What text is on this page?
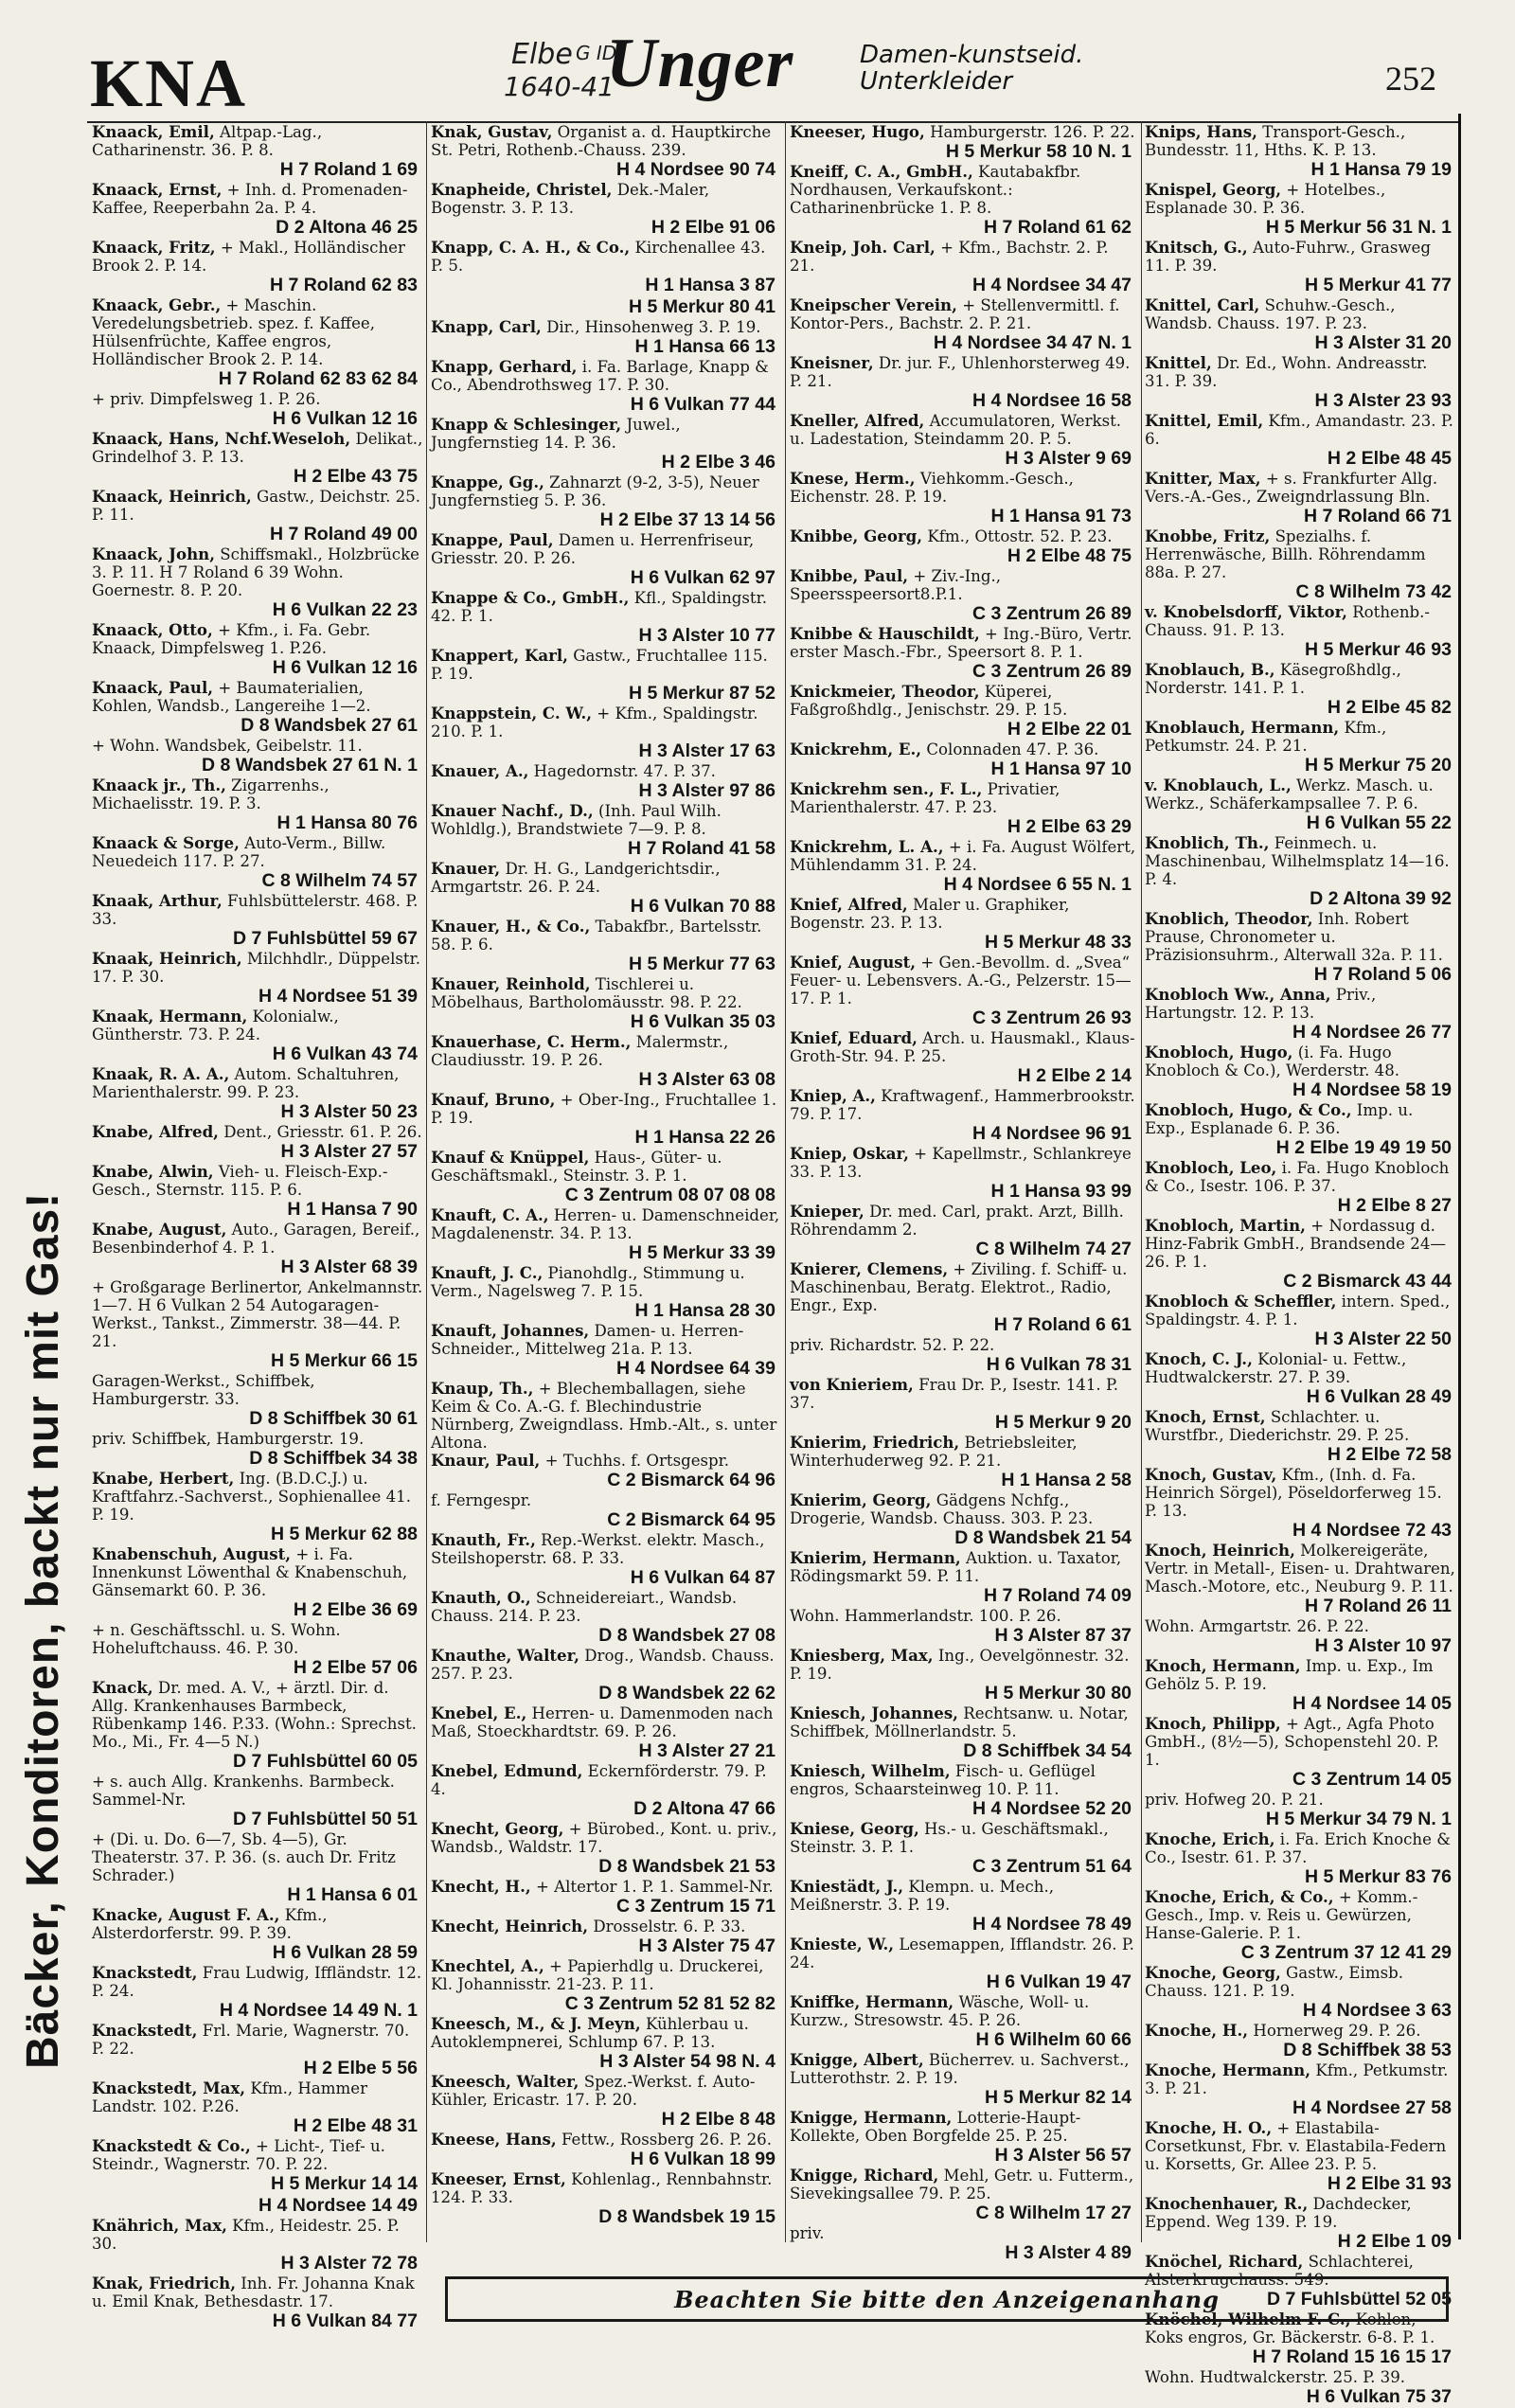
KNA	Elbe
1640-41
G ID
Unger	Damen-kunstseid.
Unterkleider	252
Bäcker, Konditoren, backt nur mit Gas!
Knaack, Emil, Altpap.-Lag., Catharinenstr. 36. P. 8.
H 7 Roland 1 69
Knaack, Ernst, + Inh. d. Promenaden-Kaffee, Reeperbahn 2a. P. 4.
D 2 Altona 46 25
Knaack, Fritz, + Makl., Holländischer Brook 2. P. 14.
H 7 Roland 62 83
Knaack, Gebr., + Maschin. Veredelungsbetrieb. spez. f. Kaffee, Hülsenfrüchte, Kaffee engros, Holländischer Brook 2. P. 14.
H 7 Roland 62 83 62 84
+ priv. Dimpfelsweg 1. P. 26.
H 6 Vulkan 12 16
Knaack, Hans, Nchf.Weseloh, Delikat., Grindelhof 3. P. 13.
H 2 Elbe 43 75
Knaack, Heinrich, Gastw., Deichstr. 25. P. 11.
H 7 Roland 49 00
Knaack, John, Schiffsmakl., Holzbrücke 3. P. 11. H 7 Roland 6 39 Wohn. Goernestr. 8. P. 20.
H 6 Vulkan 22 23
Knaack, Otto, + Kfm., i. Fa. Gebr. Knaack, Dimpfelsweg 1. P.26.
H 6 Vulkan 12 16
Knaack, Paul, + Baumaterialien, Kohlen, Wandsb., Langereihe 1—2.
D 8 Wandsbek 27 61
+ Wohn. Wandsbek, Geibelstr. 11.
D 8 Wandsbek 27 61 N. 1
Knaack jr., Th., Zigarrenhs., Michaelisstr. 19. P. 3.
H 1 Hansa 80 76
Knaack & Sorge, Auto-Verm., Billw. Neuedeich 117. P. 27.
C 8 Wilhelm 74 57
Knaak, Arthur, Fuhlsbüttelerstr. 468. P. 33.
D 7 Fuhlsbüttel 59 67
Knaak, Heinrich, Milchhdlr., Düppelstr. 17. P. 30.
H 4 Nordsee 51 39
Knaak, Hermann, Kolonialw., Güntherstr. 73. P. 24.
H 6 Vulkan 43 74
Knaak, R. A. A., Autom. Schaltuhren, Marienthalerstr. 99. P. 23.
H 3 Alster 50 23
Knabe, Alfred, Dent., Griesstr. 61. P. 26.
H 3 Alster 27 57
Knabe, Alwin, Vieh- u. Fleisch-Exp.-Gesch., Sternstr. 115. P. 6.
H 1 Hansa 7 90
Knabe, August, Auto., Garagen, Bereif., Besenbinderhof 4. P. 1.
H 3 Alster 68 39
+ Großgarage Berlinertor, Ankelmannstr. 1—7. H 6 Vulkan 2 54 Autogaragen-Werkst., Tankst., Zimmerstr. 38—44. P. 21.
H 5 Merkur 66 15
Garagen-Werkst., Schiffbek, Hamburgerstr. 33.
D 8 Schiffbek 30 61
priv. Schiffbek, Hamburgerstr. 19.
D 8 Schiffbek 34 38
Knabe, Herbert, Ing. (B.D.C.J.) u. Kraftfahrz.-Sachverst., Sophienallee 41. P. 19.
H 5 Merkur 62 88
Knabenschuh, August, + i. Fa. Innenkunst Löwenthal & Knabenschuh, Gänsemarkt 60. P. 36.
H 2 Elbe 36 69
+ n. Geschäftsschl. u. S. Wohn. Hoheluftchauss. 46. P. 30.
H 2 Elbe 57 06
Knack, Dr. med. A. V., + ärztl. Dir. d. Allg. Krankenhauses Barmbeck, Rübenkamp 146. P.33. (Wohn.: Sprechst. Mo., Mi., Fr. 4—5 N.)
D 7 Fuhlsbüttel 60 05
+ s. auch Allg. Krankenhs. Barmbeck. Sammel-Nr.
D 7 Fuhlsbüttel 50 51
+ (Di. u. Do. 6—7, Sb. 4—5), Gr. Theaterstr. 37. P. 36. (s. auch Dr. Fritz Schrader.)
H 1 Hansa 6 01
Knacke, August F. A., Kfm., Alsterdorferstr. 99. P. 39.
H 6 Vulkan 28 59
Knackstedt, Frau Ludwig, Iffländstr. 12. P. 24.
H 4 Nordsee 14 49 N. 1
Knackstedt, Frl. Marie, Wagnerstr. 70. P. 22.
H 2 Elbe 5 56
Knackstedt, Max, Kfm., Hammer Landstr. 102. P.26.
H 2 Elbe 48 31
Knackstedt & Co., + Licht-, Tief- u. Steindr., Wagnerstr. 70. P. 22.
H 5 Merkur 14 14
H 4 Nordsee 14 49
Knährich, Max, Kfm., Heidestr. 25. P. 30.
H 3 Alster 72 78
Knak, Friedrich, Inh. Fr. Johanna Knak u. Emil Knak, Bethesdastr. 17.
H 6 Vulkan 84 77
Knak, Gustav, Organist a. d. Hauptkirche St. Petri, Rothenb.-Chauss. 239.
H 4 Nordsee 90 74
Knapheide, Christel, Dek.-Maler, Bogenstr. 3. P. 13.
H 2 Elbe 91 06
Knapp, C. A. H., & Co., Kirchenallee 43. P. 5.
H 1 Hansa 3 87
H 5 Merkur 80 41
Knapp, Carl, Dir., Hinsohenweg 3. P. 19.
H 1 Hansa 66 13
Knapp, Gerhard, i. Fa. Barlage, Knapp & Co., Abendrothsweg 17. P. 30.
H 6 Vulkan 77 44
Knapp & Schlesinger, Juwel., Jungfernstieg 14. P. 36.
H 2 Elbe 3 46
Knappe, Gg., Zahnarzt (9-2, 3-5), Neuer Jungfernstieg 5. P. 36.
H 2 Elbe 37 13 14 56
Knappe, Paul, Damen u. Herrenfriseur, Griesstr. 20. P. 26.
H 6 Vulkan 62 97
Knappe & Co., GmbH., Kfl., Spaldingstr. 42. P. 1.
H 3 Alster 10 77
Knappert, Karl, Gastw., Fruchtallee 115. P. 19.
H 5 Merkur 87 52
Knappstein, C. W., + Kfm., Spaldingstr. 210. P. 1.
H 3 Alster 17 63
Knauer, A., Hagedornstr. 47. P. 37.
H 3 Alster 97 86
Knauer Nachf., D., (Inh. Paul Wilh. Wohldlg.), Brandstwiete 7—9. P. 8.
H 7 Roland 41 58
Knauer, Dr. H. G., Landgerichtsdir., Armgartstr. 26. P. 24.
H 6 Vulkan 70 88
Knauer, H., & Co., Tabakfbr., Bartelsstr. 58. P. 6.
H 5 Merkur 77 63
Knauer, Reinhold, Tischlerei u. Möbelhaus, Bartholomäusstr. 98. P. 22.
H 6 Vulkan 35 03
Knauerhase, C. Herm., Malermstr., Claudiusstr. 19. P. 26.
H 3 Alster 63 08
Knauf, Bruno, + Ober-Ing., Fruchtallee 1. P. 19.
H 1 Hansa 22 26
Knauf & Knüppel, Haus-, Güter- u. Geschäftsmakl., Steinstr. 3. P. 1.
C 3 Zentrum 08 07 08 08
Knauft, C. A., Herren- u. Damenschneider, Magdalenenstr. 34. P. 13.
H 5 Merkur 33 39
Knauft, J. C., Pianohdlg., Stimmung u. Verm., Nagelsweg 7. P. 15.
H 1 Hansa 28 30
Knauft, Johannes, Damen- u. Herren-Schneider., Mittelweg 21a. P. 13.
H 4 Nordsee 64 39
Knaup, Th., + Blechemballagen, siehe Keim & Co. A.-G. f. Blechindustrie Nürnberg, Zweigndlass. Hmb.-Alt., s. unter Altona.
Knaur, Paul, + Tuchhs. f. Ortsgespr.
C 2 Bismarck 64 96
f. Ferngespr.
C 2 Bismarck 64 95
Knauth, Fr., Rep.-Werkst. elektr. Masch., Steilshoperstr. 68. P. 33.
H 6 Vulkan 64 87
Knauth, O., Schneidereiart., Wandsb. Chauss. 214. P. 23.
D 8 Wandsbek 27 08
Knauthe, Walter, Drog., Wandsb. Chauss. 257. P. 23.
D 8 Wandsbek 22 62
Knebel, E., Herren- u. Damenmoden nach Maß, Stoeckhardtstr. 69. P. 26.
H 3 Alster 27 21
Knebel, Edmund, Eckernförderstr. 79. P. 4.
D 2 Altona 47 66
Knecht, Georg, + Bürobed., Kont. u. priv., Wandsb., Waldstr. 17.
D 8 Wandsbek 21 53
Knecht, H., + Altertor 1. P. 1. Sammel-Nr.
C 3 Zentrum 15 71
Knecht, Heinrich, Drosselstr. 6. P. 33.
H 3 Alster 75 47
Knechtel, A., + Papierhdlg u. Druckerei, Kl. Johannisstr. 21-23. P. 11.
C 3 Zentrum 52 81 52 82
Kneesch, M., & J. Meyn, Kühlerbau u. Autoklempnerei, Schlump 67. P. 13.
H 3 Alster 54 98 N. 4
Kneesch, Walter, Spez.-Werkst. f. Auto-Kühler, Ericastr. 17. P. 20.
H 2 Elbe 8 48
Kneese, Hans, Fettw., Rossberg 26. P. 26.
H 6 Vulkan 18 99
Kneeser, Ernst, Kohlenlag., Rennbahnstr. 124. P. 33.
D 8 Wandsbek 19 15
Kneeser, Hugo, Hamburgerstr. 126. P. 22.
H 5 Merkur 58 10 N. 1
Kneiff, C. A., GmbH., Kautabakfbr. Nordhausen, Verkaufskont.: Catharinenbrücke 1. P. 8.
H 7 Roland 61 62
Kneip, Joh. Carl, + Kfm., Bachstr. 2. P. 21.
H 4 Nordsee 34 47
Kneipscher Verein, + Stellenvermittl. f. Kontor-Pers., Bachstr. 2. P. 21.
H 4 Nordsee 34 47 N. 1
Kneisner, Dr. jur. F., Uhlenhorsterweg 49. P. 21.
H 4 Nordsee 16 58
Kneller, Alfred, Accumulatoren, Werkst. u. Ladestation, Steindamm 20. P. 5.
H 3 Alster 9 69
Knese, Herm., Viehkomm.-Gesch., Eichenstr. 28. P. 19.
H 1 Hansa 91 73
Knibbe, Georg, Kfm., Ottostr. 52. P. 23.
H 2 Elbe 48 75
Knibbe, Paul, + Ziv.-Ing., Speersspeersort8.P.1.
C 3 Zentrum 26 89
Knibbe & Hauschildt, + Ing.-Büro, Vertr. erster Masch.-Fbr., Speersort 8. P. 1.
C 3 Zentrum 26 89
Knickmeier, Theodor, Küperei, Faßgroßhdlg., Jenischstr. 29. P. 15.
H 2 Elbe 22 01
Knickrehm, E., Colonnaden 47. P. 36.
H 1 Hansa 97 10
Knickrehm sen., F. L., Privatier, Marienthalerstr. 47. P. 23.
H 2 Elbe 63 29
Knickrehm, L. A., + i. Fa. August Wölfert, Mühlendamm 31. P. 24.
H 4 Nordsee 6 55 N. 1
Knief, Alfred, Maler u. Graphiker, Bogenstr. 23. P. 13.
H 5 Merkur 48 33
Knief, August, + Gen.-Bevollm. d. „Svea“ Feuer- u. Lebensvers. A.-G., Pelzerstr. 15—17. P. 1.
C 3 Zentrum 26 93
Knief, Eduard, Arch. u. Hausmakl., Klaus-Groth-Str. 94. P. 25.
H 2 Elbe 2 14
Kniep, A., Kraftwagenf., Hammerbrookstr. 79. P. 17.
H 4 Nordsee 96 91
Kniep, Oskar, + Kapellmstr., Schlankreye 33. P. 13.
H 1 Hansa 93 99
Knieper, Dr. med. Carl, prakt. Arzt, Billh. Röhrendamm 2.
C 8 Wilhelm 74 27
Knierer, Clemens, + Ziviling. f. Schiff- u. Maschinenbau, Beratg. Elektrot., Radio, Engr., Exp.
H 7 Roland 6 61
priv. Richardstr. 52. P. 22.
H 6 Vulkan 78 31
von Knieriem, Frau Dr. P., Isestr. 141. P. 37.
H 5 Merkur 9 20
Knierim, Friedrich, Betriebsleiter, Winterhuderweg 92. P. 21.
H 1 Hansa 2 58
Knierim, Georg, Gädgens Nchfg., Drogerie, Wandsb. Chauss. 303. P. 23.
D 8 Wandsbek 21 54
Knierim, Hermann, Auktion. u. Taxator, Rödingsmarkt 59. P. 11.
H 7 Roland 74 09
Wohn. Hammerlandstr. 100. P. 26.
H 3 Alster 87 37
Kniesberg, Max, Ing., Oevelgönnestr. 32. P. 19.
H 5 Merkur 30 80
Kniesch, Johannes, Rechtsanw. u. Notar, Schiffbek, Möllnerlandstr. 5.
D 8 Schiffbek 34 54
Kniesch, Wilhelm, Fisch- u. Geflügel engros, Schaarsteinweg 10. P. 11.
H 4 Nordsee 52 20
Kniese, Georg, Hs.- u. Geschäftsmakl., Steinstr. 3. P. 1.
C 3 Zentrum 51 64
Kniestädt, J., Klempn. u. Mech., Meißnerstr. 3. P. 19.
H 4 Nordsee 78 49
Knieste, W., Lesemappen, Ifflandstr. 26. P. 24.
H 6 Vulkan 19 47
Kniffke, Hermann, Wäsche, Woll- u. Kurzw., Stresowstr. 45. P. 26.
H 6 Wilhelm 60 66
Knigge, Albert, Bücherrev. u. Sachverst., Lutterothstr. 2. P. 19.
H 5 Merkur 82 14
Knigge, Hermann, Lotterie-Haupt-Kollekte, Oben Borgfelde 25. P. 25.
H 3 Alster 56 57
Knigge, Richard, Mehl, Getr. u. Futterm., Sievekingsallee 79. P. 25.
C 8 Wilhelm 17 27
priv.
H 3 Alster 4 89
Knips, Hans, Transport-Gesch., Bundesstr. 11, Hths. K. P. 13.
H 1 Hansa 79 19
Knispel, Georg, + Hotelbes., Esplanade 30. P. 36.
H 5 Merkur 56 31 N. 1
Knitsch, G., Auto-Fuhrw., Grasweg 11. P. 39.
H 5 Merkur 41 77
Knittel, Carl, Schuhw.-Gesch., Wandsb. Chauss. 197. P. 23.
H 3 Alster 31 20
Knittel, Dr. Ed., Wohn. Andreasstr. 31. P. 39.
H 3 Alster 23 93
Knittel, Emil, Kfm., Amandastr. 23. P. 6.
H 2 Elbe 48 45
Knitter, Max, + s. Frankfurter Allg. Vers.-A.-Ges., Zweigndrlassung Bln.
H 7 Roland 66 71
Knobbe, Fritz, Spezialhs. f. Herrenwäsche, Billh. Röhrendamm 88a. P. 27.
C 8 Wilhelm 73 42
v. Knobelsdorff, Viktor, Rothenb.-Chauss. 91. P. 13.
H 5 Merkur 46 93
Knoblauch, B., Käsegroßhdlg., Norderstr. 141. P. 1.
H 2 Elbe 45 82
Knoblauch, Hermann, Kfm., Petkumstr. 24. P. 21.
H 5 Merkur 75 20
v. Knoblauch, L., Werkz. Masch. u. Werkz., Schäferkampsallee 7. P. 6.
H 6 Vulkan 55 22
Knoblich, Th., Feinmech. u. Maschinenbau, Wilhelmsplatz 14—16. P. 4.
D 2 Altona 39 92
Knoblich, Theodor, Inh. Robert Prause, Chronometer u. Präzisionsuhrm., Alterwall 32a. P. 11.
H 7 Roland 5 06
Knobloch Ww., Anna, Priv., Hartungstr. 12. P. 13.
H 4 Nordsee 26 77
Knobloch, Hugo, (i. Fa. Hugo Knobloch & Co.), Werderstr. 48.
H 4 Nordsee 58 19
Knobloch, Hugo, & Co., Imp. u. Exp., Esplanade 6. P. 36.
H 2 Elbe 19 49 19 50
Knobloch, Leo, i. Fa. Hugo Knobloch & Co., Isestr. 106. P. 37.
H 2 Elbe 8 27
Knobloch, Martin, + Nordassug d. Hinz-Fabrik GmbH., Brandsende 24—26. P. 1.
C 2 Bismarck 43 44
Knobloch & Scheffler, intern. Sped., Spaldingstr. 4. P. 1.
H 3 Alster 22 50
Knoch, C. J., Kolonial- u. Fettw., Hudtwalckerstr. 27. P. 39.
H 6 Vulkan 28 49
Knoch, Ernst, Schlachter. u. Wurstfbr., Diederichstr. 29. P. 25.
H 2 Elbe 72 58
Knoch, Gustav, Kfm., (Inh. d. Fa. Heinrich Sörgel), Pöseldorferweg 15. P. 13.
H 4 Nordsee 72 43
Knoch, Heinrich, Molkereigeräte, Vertr. in Metall-, Eisen- u. Drahtwaren, Masch.-Motore, etc., Neuburg 9. P. 11.
H 7 Roland 26 11
Wohn. Armgartstr. 26. P. 22.
H 3 Alster 10 97
Knoch, Hermann, Imp. u. Exp., Im Gehölz 5. P. 19.
H 4 Nordsee 14 05
Knoch, Philipp, + Agt., Agfa Photo GmbH., (8½—5), Schopenstehl 20. P. 1.
C 3 Zentrum 14 05
priv. Hofweg 20. P. 21.
H 5 Merkur 34 79 N. 1
Knoche, Erich, i. Fa. Erich Knoche & Co., Isestr. 61. P. 37.
H 5 Merkur 83 76
Knoche, Erich, & Co., + Komm.-Gesch., Imp. v. Reis u. Gewürzen, Hanse-Galerie. P. 1.
C 3 Zentrum 37 12 41 29
Knoche, Georg, Gastw., Eimsb. Chauss. 121. P. 19.
H 4 Nordsee 3 63
Knoche, H., Hornerweg 29. P. 26.
D 8 Schiffbek 38 53
Knoche, Hermann, Kfm., Petkumstr. 3. P. 21.
H 4 Nordsee 27 58
Knoche, H. O., + Elastabila-Corsetkunst, Fbr. v. Elastabila-Federn u. Korsetts, Gr. Allee 23. P. 5.
H 2 Elbe 31 93
Knochenhauer, R., Dachdecker, Eppend. Weg 139. P. 19.
H 2 Elbe 1 09
Knöchel, Richard, Schlachterei, Alsterkrugchauss. 549.
D 7 Fuhlsbüttel 52 05
Knöchel, Wilhelm F. C., Kohlen, Koks engros, Gr. Bäckerstr. 6-8. P. 1.
H 7 Roland 15 16 15 17
Wohn. Hudtwalckerstr. 25. P. 39.
H 6 Vulkan 75 37
Beachten Sie bitte den Anzeigenanhang
